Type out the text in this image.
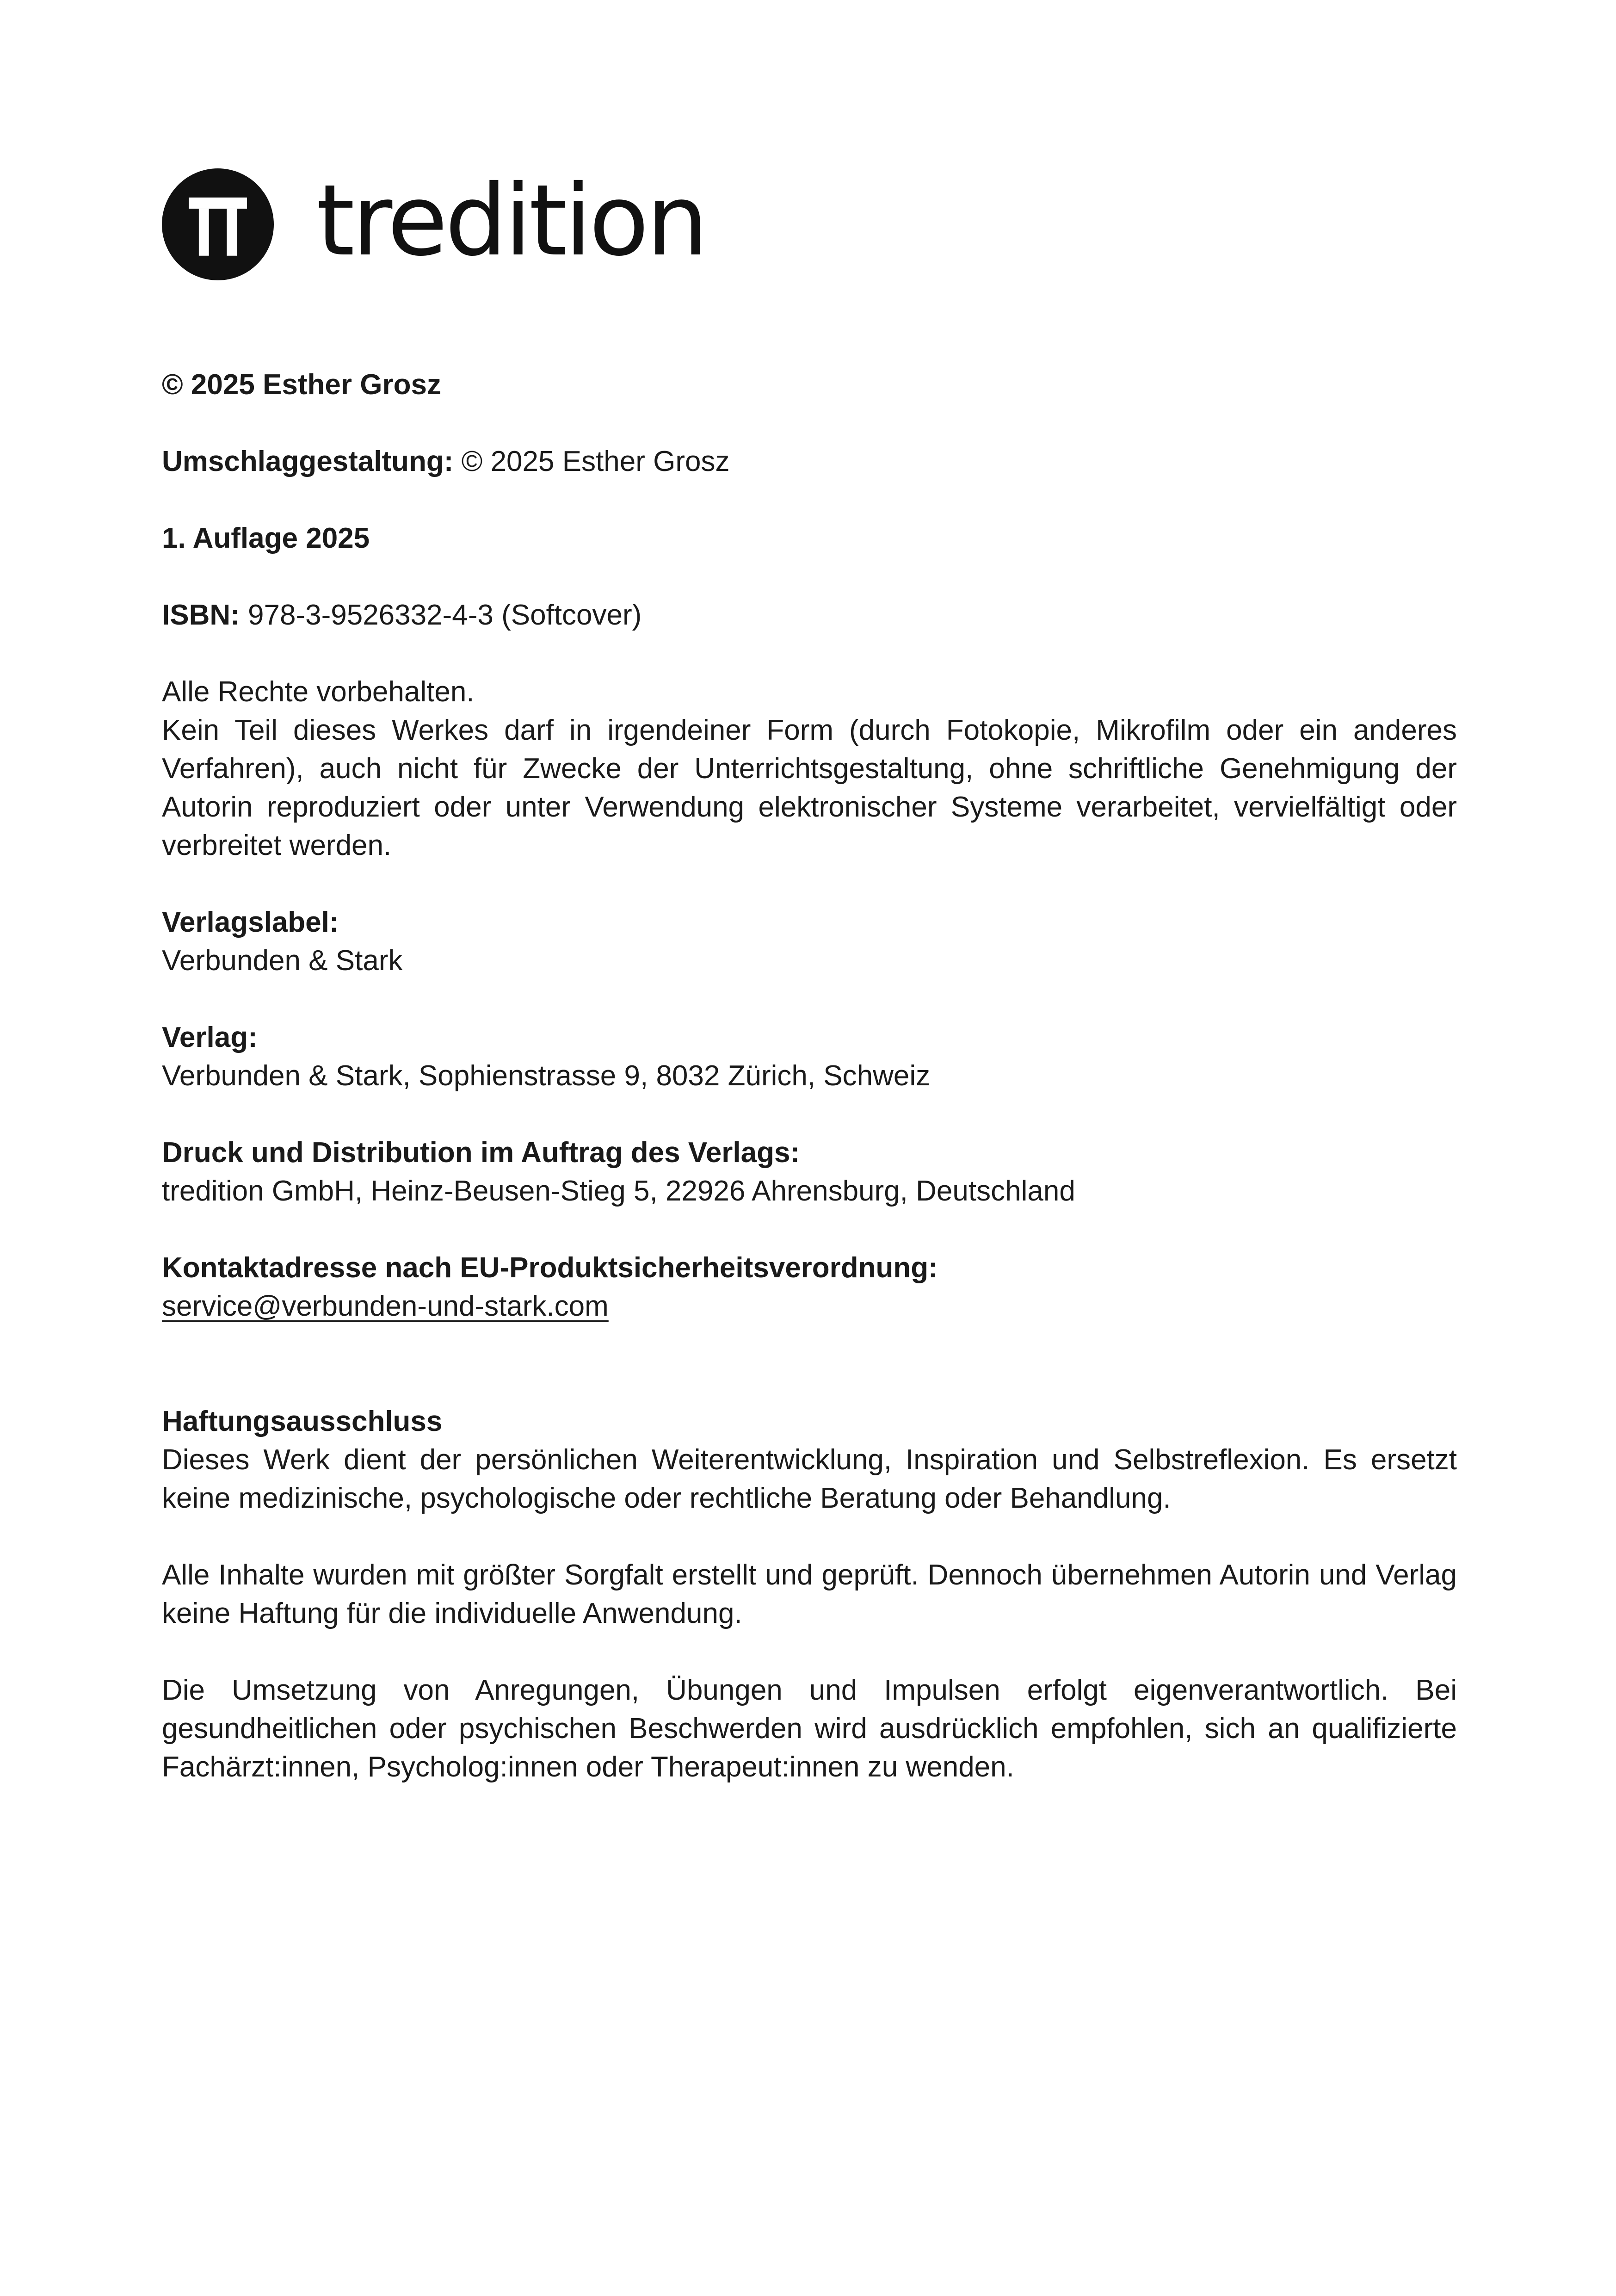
tredition

© 2025 Esther Grosz

Umschlaggestaltung: © 2025 Esther Grosz

1. Auflage 2025

ISBN: 978-3-9526332-4-3 (Softcover)

Alle Rechte vorbehalten.
Kein Teil dieses Werkes darf in irgendeiner Form (durch Fotokopie, Mikrofilm oder ein anderes Verfahren), auch nicht für Zwecke der Unterrichtsgestaltung, ohne schriftliche Genehmigung der Autorin reproduziert oder unter Verwendung elektronischer Systeme verarbeitet, vervielfältigt oder verbreitet werden.
Verlagslabel:
Verbunden & Stark
Verlag:
Verbunden & Stark, Sophienstrasse 9, 8032 Zürich, Schweiz
Druck und Distribution im Auftrag des Verlags:
tredition GmbH, Heinz-Beusen-Stieg 5, 22926 Ahrensburg, Deutschland
Kontaktadresse nach EU-Produktsicherheitsverordnung:
service@verbunden-und-stark.com
Haftungsausschluss
Dieses Werk dient der persönlichen Weiterentwicklung, Inspiration und Selbstreflexion. Es ersetzt keine medizinische, psychologische oder rechtliche Beratung oder Behandlung.
Alle Inhalte wurden mit größter Sorgfalt erstellt und geprüft. Dennoch übernehmen Autorin und Verlag keine Haftung für die individuelle Anwendung.
Die Umsetzung von Anregungen, Übungen und Impulsen erfolgt eigenverantwortlich. Bei gesundheitlichen oder psychischen Beschwerden wird ausdrücklich empfohlen, sich an qualifizierte Fachärzt:innen, Psycholog:innen oder Therapeut:innen zu wenden.
